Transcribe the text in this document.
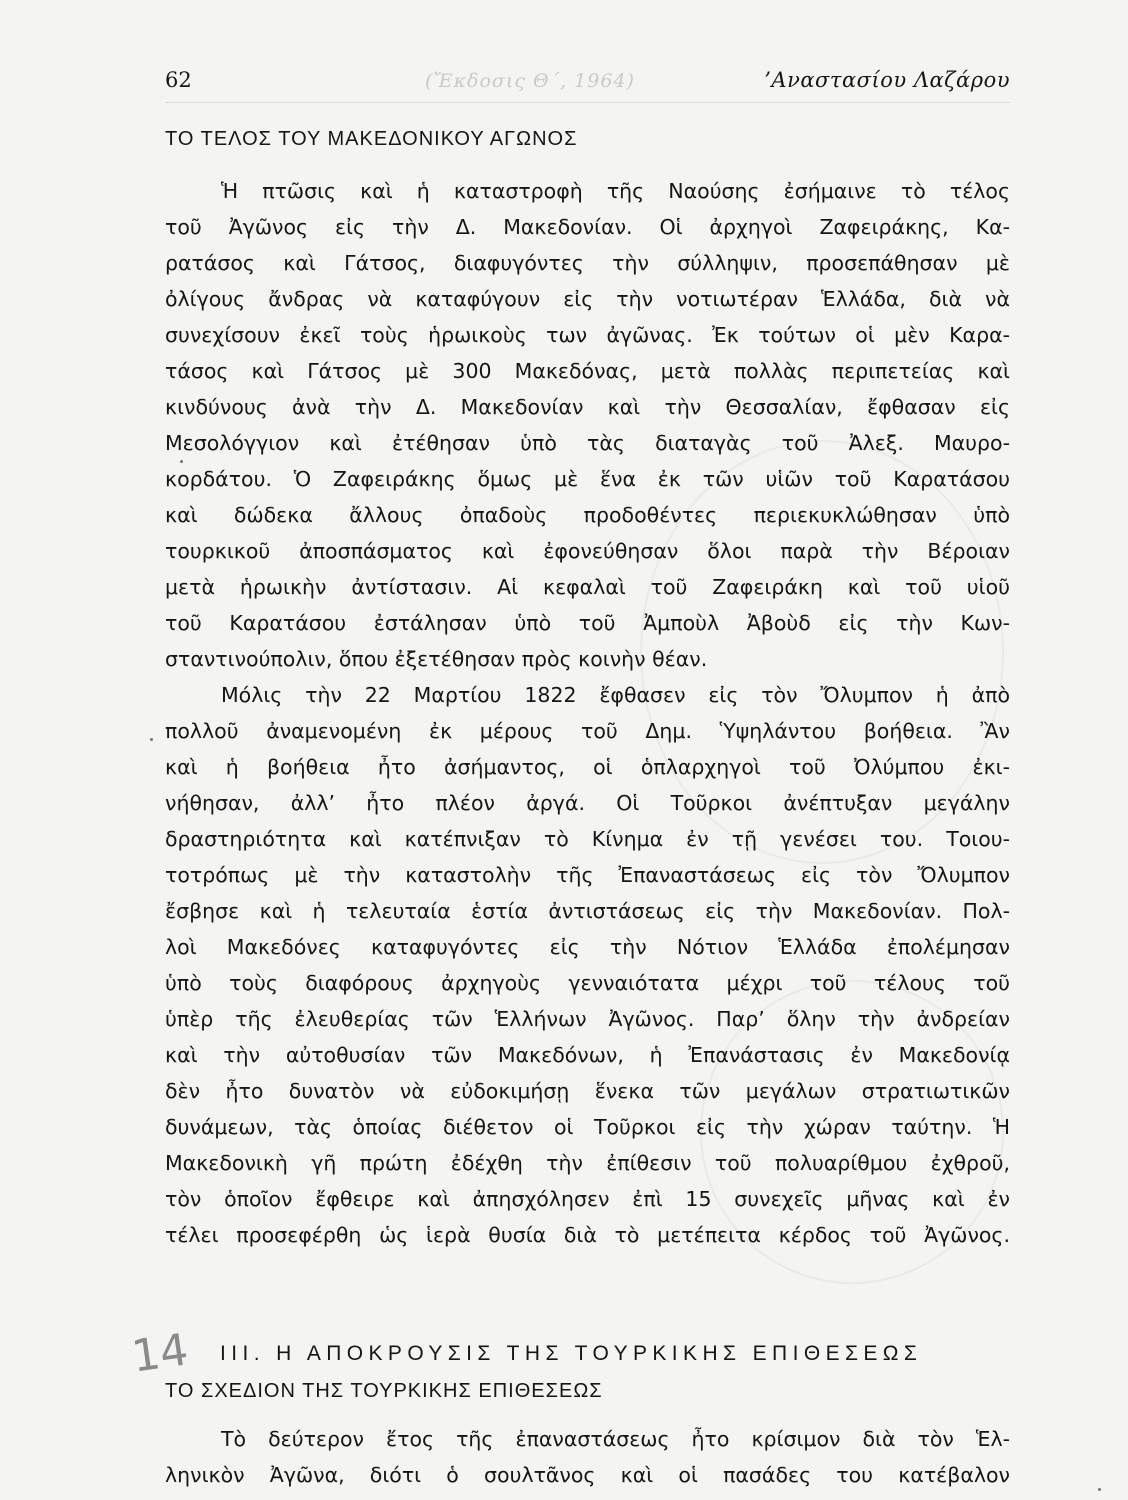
62	(Ἔκδοσις Θ΄, 1964)	’Αναστασίου Λαζάρου
ΤΟ ΤΕΛΟΣ ΤΟΥ ΜΑΚΕΔΟΝΙΚΟΥ ΑΓΩΝΟΣ
Ἡ πτῶσις καὶ ἡ καταστροφὴ τῆς Ναούσης ἐσήμαινε τὸ τέλος
τοῦ Ἀγῶνος εἰς τὴν Δ. Μακεδονίαν. Οἱ ἀρχηγοὶ Ζαφειράκης, Κα-
ρατάσος καὶ Γάτσος, διαφυγόντες τὴν σύλληψιν, προσεπάθησαν μὲ
ὀλίγους ἄνδρας νὰ καταφύγουν εἰς τὴν νοτιωτέραν Ἑλλάδα, διὰ νὰ
συνεχίσουν ἐκεῖ τοὺς ἡρωικοὺς των ἀγῶνας. Ἐκ τούτων οἱ μὲν Καρα-
τάσος καὶ Γάτσος μὲ 300 Μακεδόνας, μετὰ πολλὰς περιπετείας καὶ
κινδύνους ἀνὰ τὴν Δ. Μακεδονίαν καὶ τὴν Θεσσαλίαν, ἔφθασαν εἰς
Μεσολόγγιον καὶ ἐτέθησαν ὑπὸ τὰς διαταγὰς τοῦ Ἀλεξ. Μαυρο-
κορδάτου. Ὁ Ζαφειράκης ὅμως μὲ ἕνα ἐκ τῶν υἱῶν τοῦ Καρατάσου
καὶ δώδεκα ἄλλους ὀπαδοὺς προδοθέντες περιεκυκλώθησαν ὑπὸ
τουρκικοῦ ἀποσπάσματος καὶ ἐφονεύθησαν ὅλοι παρὰ τὴν Βέροιαν
μετὰ ἡρωικὴν ἀντίστασιν. Αἱ κεφαλαὶ τοῦ Ζαφειράκη καὶ τοῦ υἱοῦ
τοῦ Καρατάσου ἐστάλησαν ὑπὸ τοῦ Ἀμποὺλ Ἀβοὺδ εἰς τὴν Κων-
σταντινούπολιν, ὅπου ἐξετέθησαν πρὸς κοινὴν θέαν.
Μόλις τὴν 22 Μαρτίου 1822 ἔφθασεν εἰς τὸν Ὄλυμπον ἡ ἀπὸ
πολλοῦ ἀναμενομένη ἐκ μέρους τοῦ Δημ. Ὑψηλάντου βοήθεια. Ἂν
καὶ ἡ βοήθεια ἦτο ἀσήμαντος, οἱ ὁπλαρχηγοὶ τοῦ Ὀλύμπου ἐκι-
νήθησαν, ἀλλ’ ἦτο πλέον ἀργά. Οἱ Τοῦρκοι ἀνέπτυξαν μεγάλην
δραστηριότητα καὶ κατέπνιξαν τὸ Κίνημα ἐν τῇ γενέσει του. Τοιου-
τοτρόπως μὲ τὴν καταστολὴν τῆς Ἐπαναστάσεως εἰς τὸν Ὄλυμπον
ἔσβησε καὶ ἡ τελευταία ἑστία ἀντιστάσεως εἰς τὴν Μακεδονίαν. Πολ-
λοὶ Μακεδόνες καταφυγόντες εἰς τὴν Νότιον Ἑλλάδα ἐπολέμησαν
ὑπὸ τοὺς διαφόρους ἀρχηγοὺς γενναιότατα μέχρι τοῦ τέλους τοῦ
ὑπὲρ τῆς ἐλευθερίας τῶν Ἑλλήνων Ἀγῶνος. Παρ’ ὅλην τὴν ἀνδρείαν
καὶ τὴν αὐτοθυσίαν τῶν Μακεδόνων, ἡ Ἐπανάστασις ἐν Μακεδονίᾳ
δὲν ἦτο δυνατὸν νὰ εὐδοκιμήσῃ ἕνεκα τῶν μεγάλων στρατιωτικῶν
δυνάμεων, τὰς ὁποίας διέθετον οἱ Τοῦρκοι εἰς τὴν χώραν ταύτην. Ἡ
Μακεδονικὴ γῆ πρώτη ἐδέχθη τὴν ἐπίθεσιν τοῦ πολυαρίθμου ἐχθροῦ,
τὸν ὁποῖον ἔφθειρε καὶ ἀπησχόλησεν ἐπὶ 15 συνεχεῖς μῆνας καὶ ἐν
τέλει προσεφέρθη ὡς ἱερὰ θυσία διὰ τὸ μετέπειτα κέρδος τοῦ Ἀγῶνος.
14 ΙΙΙ. Η ΑΠΟΚΡΟΥΣΙΣ ΤΗΣ ΤΟΥΡΚΙΚΗΣ ΕΠΙΘΕΣΕΩΣ
ΤΟ ΣΧΕΔΙΟΝ ΤΗΣ ΤΟΥΡΚΙΚΗΣ ΕΠΙΘΕΣΕΩΣ
Τὸ δεύτερον ἔτος τῆς ἐπαναστάσεως ἦτο κρίσιμον διὰ τὸν Ἑλ-
ληνικὸν Ἀγῶνα, διότι ὁ σουλτᾶνος καὶ οἱ πασάδες του κατέβαλον
